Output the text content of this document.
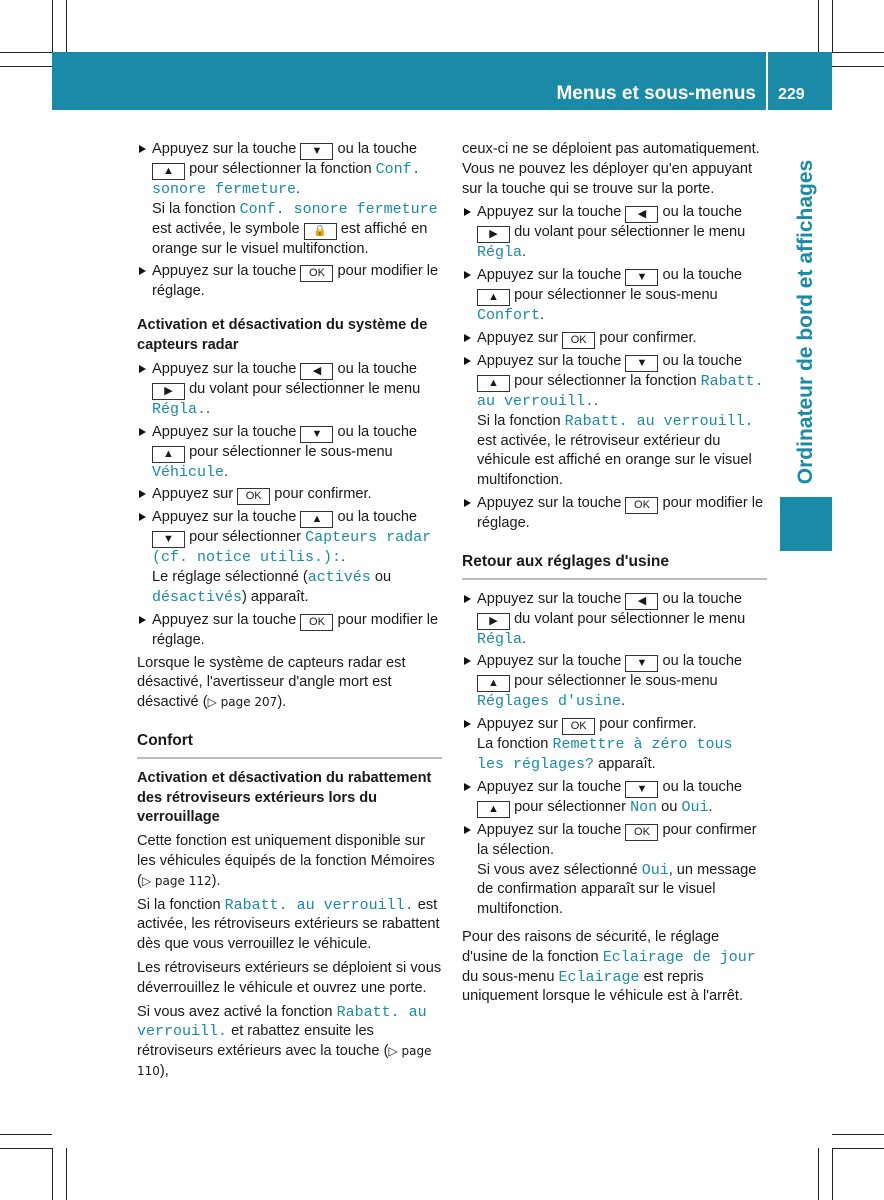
Menus et sous-menus 229
Ordinateur de bord et affichages
Appuyez sur la touche ▼ ou la touche ▲ pour sélectionner la fonction Conf. sonore fermeture.
Si la fonction Conf. sonore fermeture est activée, le symbole 🔒 est affiché en orange sur le visuel multifonction.
Appuyez sur la touche OK pour modifier le réglage.
Activation et désactivation du système de capteurs radar
Appuyez sur la touche ◀ ou la touche ▶ du volant pour sélectionner le menu Régla..
Appuyez sur la touche ▼ ou la touche ▲ pour sélectionner le sous-menu Véhicule.
Appuyez sur OK pour confirmer.
Appuyez sur la touche ▲ ou la touche ▼ pour sélectionner Capteurs radar (cf. notice utilis.):.
Le réglage sélectionné (activés ou désactivés) apparaît.
Appuyez sur la touche OK pour modifier le réglage.

Lorsque le système de capteurs radar est désactivé, l'avertisseur d'angle mort est désactivé (▷ page 207).

Confort
Activation et désactivation du rabattement des rétroviseurs extérieurs lors du verrouillage

Cette fonction est uniquement disponible sur les véhicules équipés de la fonction Mémoires (▷ page 112).

Si la fonction Rabatt. au verrouill. est activée, les rétroviseurs extérieurs se rabattent dès que vous verrouillez le véhicule.

Les rétroviseurs extérieurs se déploient si vous déverrouillez le véhicule et ouvrez une porte.

Si vous avez activé la fonction Rabatt. au verrouill. et rabattez ensuite les rétroviseurs extérieurs avec la touche (▷ page 110),

ceux-ci ne se déploient pas automatiquement. Vous ne pouvez les déployer qu'en appuyant sur la touche qui se trouve sur la porte.

Appuyez sur la touche ◀ ou la touche ▶ du volant pour sélectionner le menu Régla.
Appuyez sur la touche ▼ ou la touche ▲ pour sélectionner le sous-menu Confort.
Appuyez sur OK pour confirmer.
Appuyez sur la touche ▼ ou la touche ▲ pour sélectionner la fonction Rabatt. au verrouill..
Si la fonction Rabatt. au verrouill. est activée, le rétroviseur extérieur du véhicule est affiché en orange sur le visuel multifonction.
Appuyez sur la touche OK pour modifier le réglage.
Retour aux réglages d'usine
Appuyez sur la touche ◀ ou la touche ▶ du volant pour sélectionner le menu Régla.
Appuyez sur la touche ▼ ou la touche ▲ pour sélectionner le sous-menu Réglages d'usine.
Appuyez sur OK pour confirmer.
La fonction Remettre à zéro tous les réglages? apparaît.
Appuyez sur la touche ▼ ou la touche ▲ pour sélectionner Non ou Oui.
Appuyez sur la touche OK pour confirmer la sélection.
Si vous avez sélectionné Oui, un message de confirmation apparaît sur le visuel multifonction.

Pour des raisons de sécurité, le réglage d'usine de la fonction Eclairage de jour du sous-menu Eclairage est repris uniquement lorsque le véhicule est à l'arrêt.
